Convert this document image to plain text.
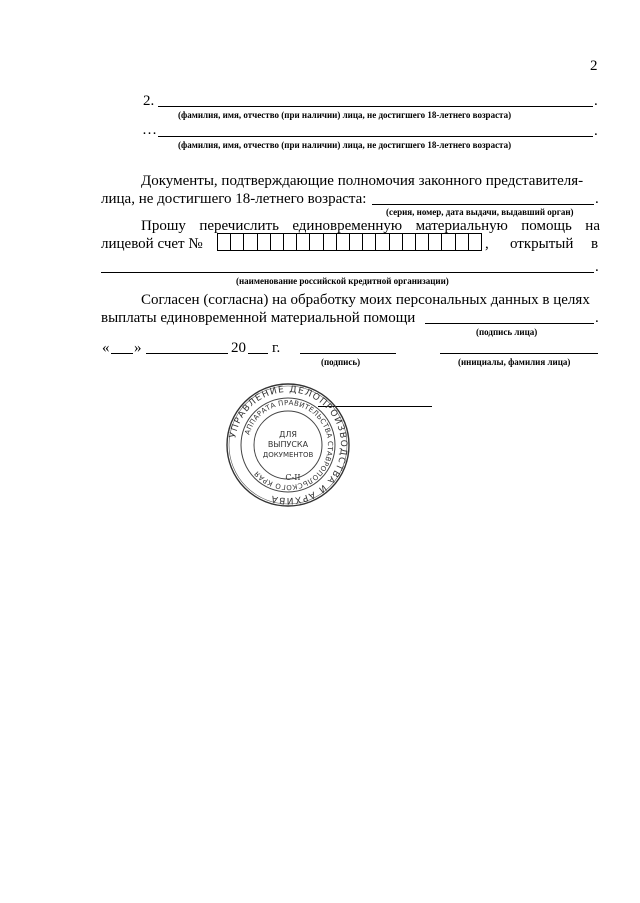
2
2.	.
(фамилия, имя, отчество (при наличии) лица, не достигшего 18-летнего возраста)
…	.
(фамилия, имя, отчество (при наличии) лица, не достигшего 18-летнего возраста)
Документы, подтверждающие полномочия законного представителя-
лица, не достигшего 18-летнего возраста:	.
(серия, номер, дата выдачи, выдавший орган)
Прошу перечислить единовременную материальную помощь на
лицевой счет №	, открытый в
.
(наименование российской кредитной организации)
Согласен (согласна) на обработку моих персональных данных в целях
выплаты единовременной материальной помощи	.
(подпись лица)
« »	20 г.
(подпись)	(инициалы, фамилия лица)
УПРАВЛЕНИЕ ДЕЛОПРОИЗВОДСТВА И АРХИВА
АППАРАТА ПРАВИТЕЛЬСТВА СТАВРОПОЛЬСКОГО КРАЯ
ДЛЯ
ВЫПУСКА
ДОКУМЕНТОВ
С-II
